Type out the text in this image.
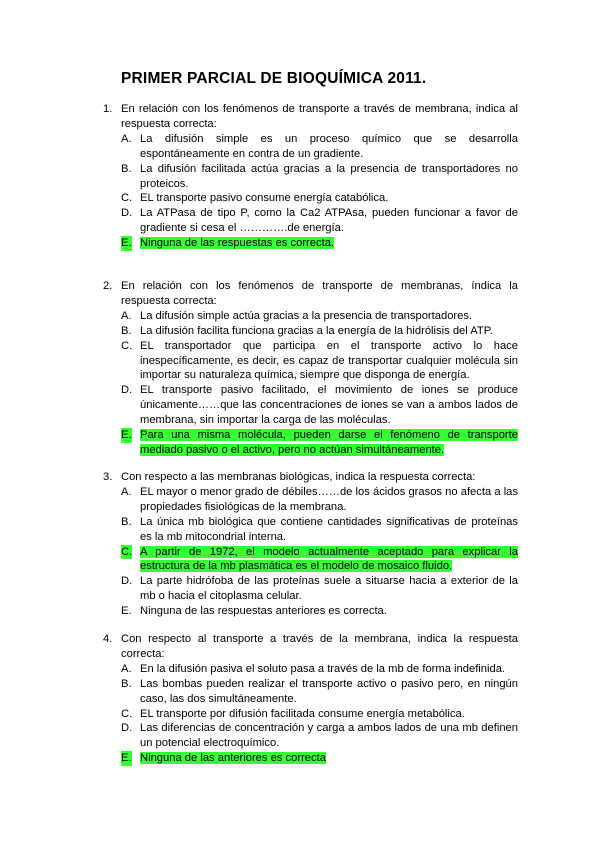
PRIMER PARCIAL DE BIOQUÍMICA 2011.
1. En relación con los fenómenos de transporte a través de membrana, indica al respuesta correcta:
A. La difusión simple es un proceso químico que se desarrolla espontáneamente en contra de un gradiente.
B. La difusión facilitada actúa gracias a la presencia de transportadores no proteicos.
C. EL transporte pasivo consume energía catabólica.
D. La ATPasa de tipo P, como la Ca2 ATPAsa, pueden funcionar a favor de gradiente si cesa el ………….de energía.
E. Ninguna de las respuestas es correcta.
2. En relación con los fenómenos de transporte de membranas, índica la respuesta correcta:
A. La difusión simple actúa gracias a la presencia de transportadores.
B. La difusión facilita funciona gracias a la energía de la hidrólisis del ATP.
C. EL transportador que participa en el transporte activo lo hace inespecíficamente, es decir, es capaz de transportar cualquier molécula sin importar su naturaleza química, siempre que disponga de energía.
D. EL transporte pasivo facilitado, el movimiento de iones se produce únicamente……que las concentraciones de iones se van a ambos lados de membrana, sin importar la carga de las moléculas.
E. Para una misma molécula, pueden darse el fenómeno de transporte mediado pasivo o el activo, pero no actúan simultáneamente.
3. Con respecto a las membranas biológicas, indica la respuesta correcta:
A. EL mayor o menor grado de débiles……de los ácidos grasos no afecta a las propiedades fisiológicas de la membrana.
B. La única mb biológica que contiene cantidades significativas de proteínas es la mb mitocondrial interna.
C. A partir de 1972, el modelo actualmente aceptado para explicar la estructura de la mb plasmática es el modelo de mosaico fluido.
D. La parte hidrófoba de las proteínas suele a situarse hacia a exterior de la mb o hacia el citoplasma celular.
E. Ninguna de las respuestas anteriores es correcta.
4. Con respecto al transporte a través de la membrana, indica la respuesta correcta:
A. En la difusión pasiva el soluto pasa a través de la mb de forma indefinida.
B. Las bombas pueden realizar el transporte activo o pasivo pero, en ningún caso, las dos simultáneamente.
C. EL transporte por difusión facilitada consume energía metabólica.
D. Las diferencias de concentración y carga a ambos lados de una mb definen un potencial electroquímico.
E. Ninguna de las anteriores es correcta
